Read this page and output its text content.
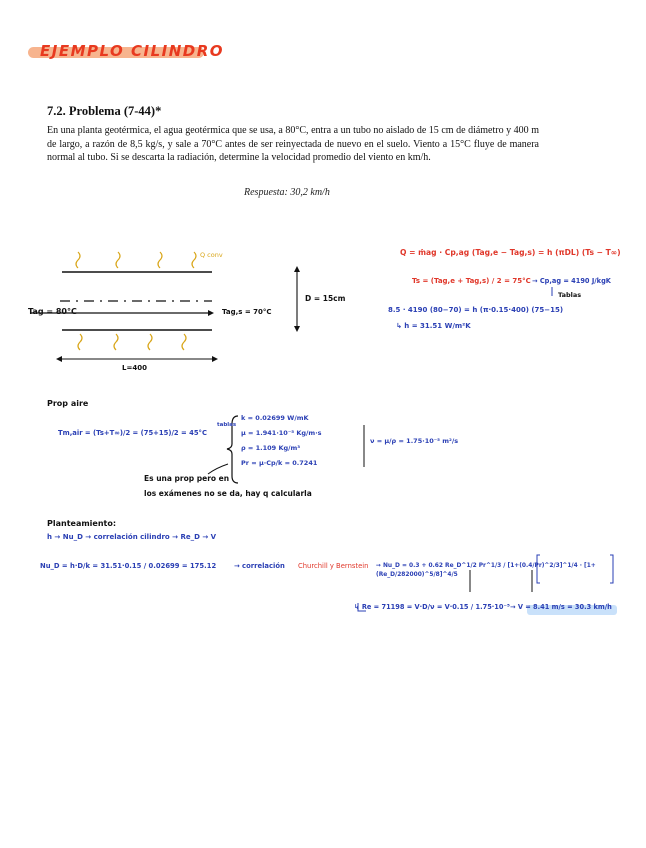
EJEMPLO CILINDRO
7.2. Problema (7-44)*
En una planta geotérmica, el agua geotérmica que se usa, a 80°C, entra a un tubo no aislado de 15 cm de diámetro y 400 m de largo, a razón de 8,5 kg/s, y sale a 70°C antes de ser reinyectada de nuevo en el suelo. Viento a 15°C fluye de manera normal al tubo. Si se descarta la radiación, determine la velocidad promedio del viento en km/h.
Respuesta: 30,2 km/h
Q conv
Tag = 80°C	Tag,s = 70°C
D = 15cm
L=400
Q = ṁag · Cp,ag (Tag,e − Tag,s) = h (πDL) (Ts − T∞)
Ts = (Tag,e + Tag,s) / 2 = 75°C → Cp,ag = 4190 J/kgK
Tablas
8.5 · 4190 (80−70) = h (π·0.15·400) (75−15)
↳ h = 31.51 W/m²K
Prop aire
Tm,air = (Ts+T∞)/2 = (75+15)/2 = 45°C
tablas
k = 0.02699 W/mK
μ = 1.941·10⁻⁵ Kg/m·s
ρ = 1.109 Kg/m³
Pr = μ·Cp/k = 0.7241
ν = μ/ρ = 1.75·10⁻⁵ m²/s
Es una prop pero en
los exámenes no se da, hay q calcularla
Planteamiento:
h → Nu_D → correlación cilindro → Re_D → V
Nu_D = h·D/k = 31.51·0.15 / 0.02699 = 175.12	→ correlación Churchill y Bernstein → Nu_D = 0.3 + 0.62 Re_D^1/2 Pr^1/3 / [1+(0.4/Pr)^2/3]^1/4 · [1+(Re_D/282000)^5/8]^4/5
↳ Re = 71198 = V·D/ν = V·0.15 / 1.75·10⁻⁵ → V = 8.41 m/s = 30.3 km/h
